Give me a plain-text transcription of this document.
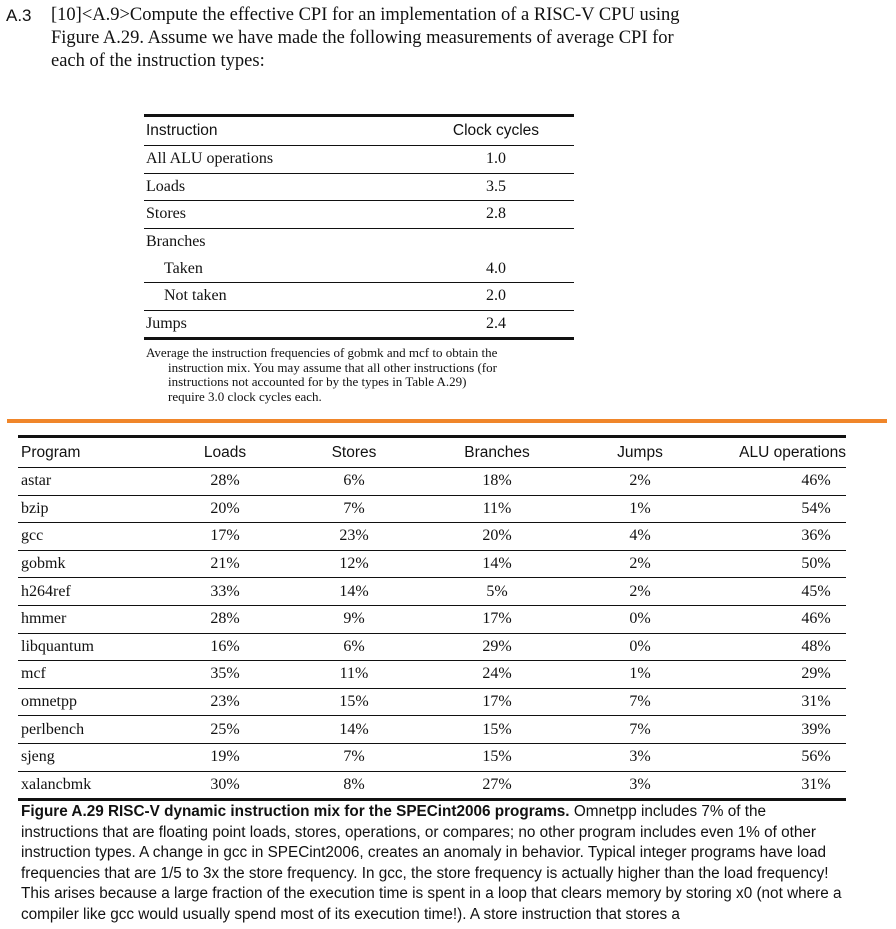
A.3 [10]<A.9>Compute the effective CPI for an implementation of a RISC-V CPU using Figure A.29. Assume we have made the following measurements of average CPI for each of the instruction types:
Instruction	Clock cycles
All ALU operations	1.0
Loads	3.5
Stores	2.8
Branches
Taken	4.0
Not taken	2.0
Jumps	2.4
Average the instruction frequencies of gobmk and mcf to obtain the
instruction mix. You may assume that all other instructions (for
instructions not accounted for by the types in Table A.29)
require 3.0 clock cycles each.
Program	Loads	Stores	Branches	Jumps	ALU operations
astar	28%	6%	18%	2%	46%
bzip	20%	7%	11%	1%	54%
gcc	17%	23%	20%	4%	36%
gobmk	21%	12%	14%	2%	50%
h264ref	33%	14%	5%	2%	45%
hmmer	28%	9%	17%	0%	46%
libquantum	16%	6%	29%	0%	48%
mcf	35%	11%	24%	1%	29%
omnetpp	23%	15%	17%	7%	31%
perlbench	25%	14%	15%	7%	39%
sjeng	19%	7%	15%	3%	56%
xalancbmk	30%	8%	27%	3%	31%
Figure A.29 RISC-V dynamic instruction mix for the SPECint2006 programs. Omnetpp includes 7% of the instructions that are floating point loads, stores, operations, or compares; no other program includes even 1% of other instruction types. A change in gcc in SPECint2006, creates an anomaly in behavior. Typical integer programs have load frequencies that are 1/5 to 3x the store frequency. In gcc, the store frequency is actually higher than the load frequency! This arises because a large fraction of the execution time is spent in a loop that clears memory by storing x0 (not where a compiler like gcc would usually spend most of its execution time!). A store instruction that stores a
